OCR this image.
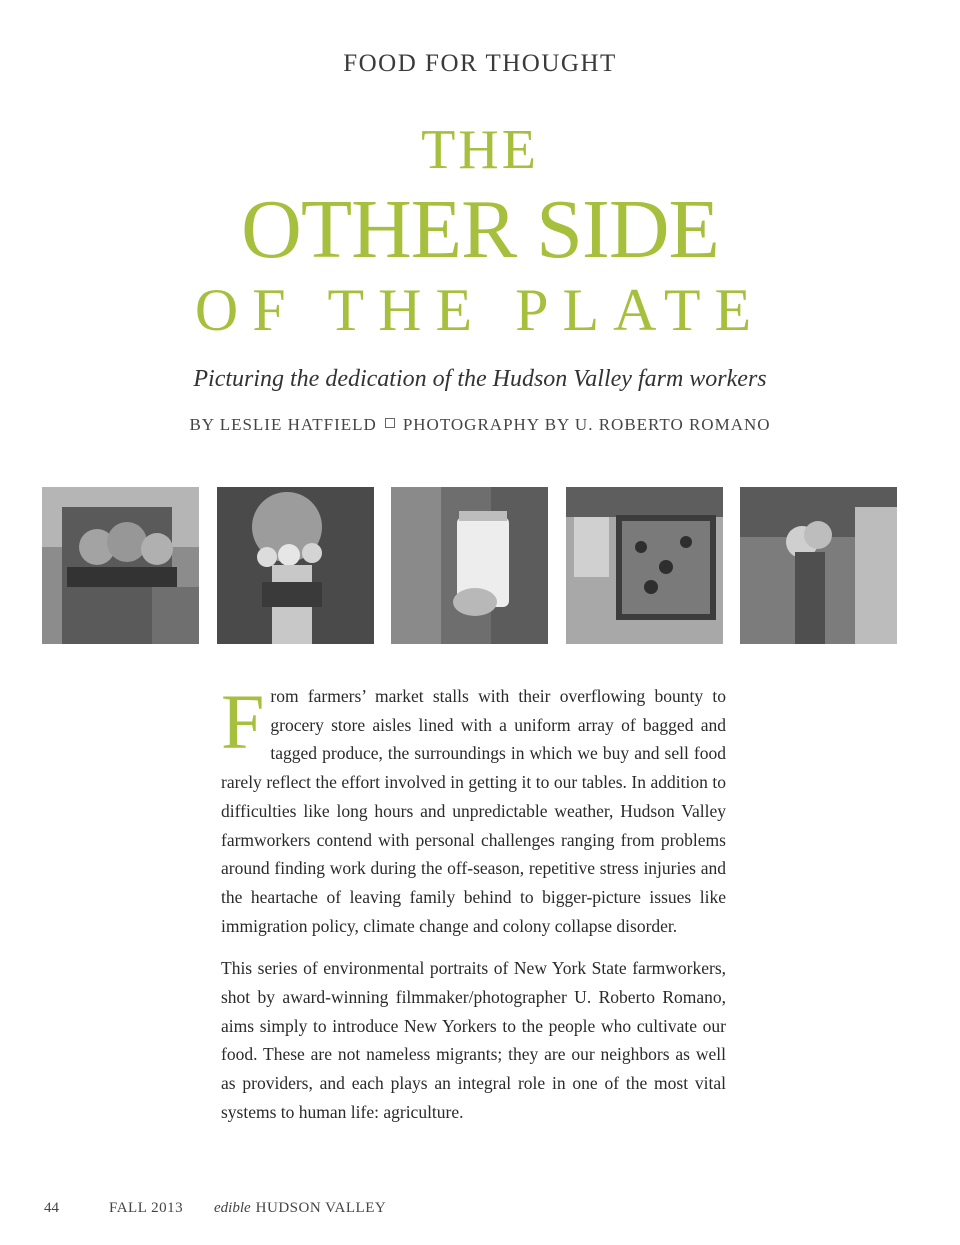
FOOD FOR THOUGHT
THE
OTHER SIDE
OF THE PLATE
Picturing the dedication of the Hudson Valley farm workers
BY LESLIE HATFIELD PHOTOGRAPHY BY U. ROBERTO ROMANO

From farmers’ market stalls with their overflowing bounty to grocery store aisles lined with a uniform array of bagged and tagged produce, the surroundings in which we buy and sell food rarely reflect the effort involved in getting it to our tables. In addition to difficulties like long hours and unpredictable weather, Hudson Valley farmworkers contend with personal challenges ranging from problems around finding work during the off-season, repetitive stress injuries and the heartache of leaving family behind to bigger-picture issues like immigration policy, climate change and colony collapse disorder.

This series of environmental portraits of New York State farmworkers, shot by award-winning filmmaker/photographer U. Roberto Romano, aims simply to introduce New Yorkers to the people who cultivate our food. These are not nameless migrants; they are our neighbors as well as providers, and each plays an integral role in one of the most vital systems to human life: agriculture.

44	FALL 2013	edible HUDSON VALLEY
